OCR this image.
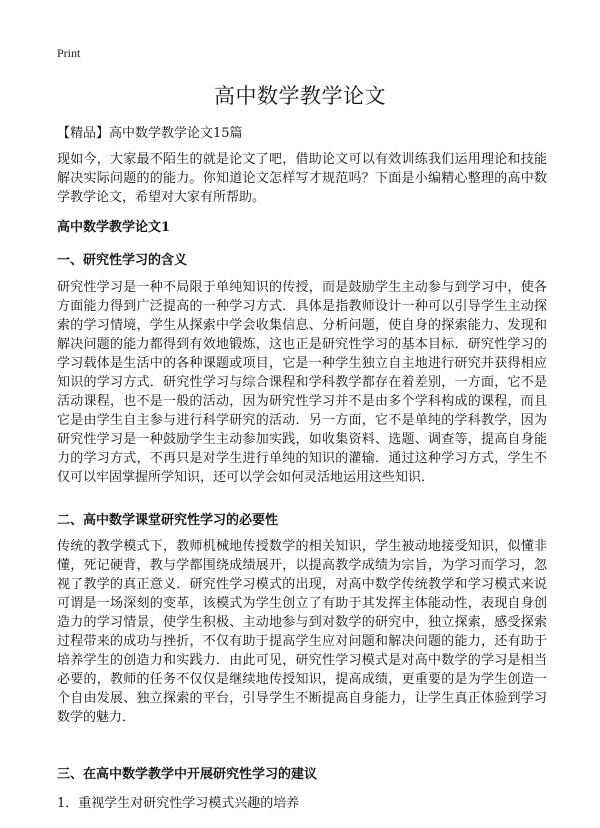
Print
高中数学教学论文
【精品】高中数学教学论文15篇

现如今，大家最不陌生的就是论文了吧，借助论文可以有效训练我们运用理论和技能解决实际问题的的能力。你知道论文怎样写才规范吗？下面是小编精心整理的高中数学教学论文，希望对大家有所帮助。

高中数学教学论文1
一、研究性学习的含义

研究性学习是一种不局限于单纯知识的传授，而是鼓励学生主动参与到学习中，使各方面能力得到广泛提高的一种学习方式．具体是指教师设计一种可以引导学生主动探索的学习情境，学生从探索中学会收集信息、分析问题，使自身的探索能力、发现和解决问题的能力都得到有效地锻炼，这也正是研究性学习的基本目标．研究性学习的学习载体是生活中的各种课题或项目，它是一种学生独立自主地进行研究并获得相应知识的学习方式．研究性学习与综合课程和学科教学都存在着差别，一方面，它不是活动课程，也不是一般的活动，因为研究性学习并不是由多个学科构成的课程，而且它是由学生自主参与进行科学研究的活动．另一方面，它不是单纯的学科教学，因为研究性学习是一种鼓励学生主动参加实践，如收集资料、选题、调查等，提高自身能力的学习方式，不再只是对学生进行单纯的知识的灌输．通过这种学习方式，学生不仅可以牢固掌握所学知识，还可以学会如何灵活地运用这些知识．

二、高中数学课堂研究性学习的必要性

传统的教学模式下，教师机械地传授数学的相关知识，学生被动地接受知识，似懂非懂，死记硬背，教与学都围绕成绩展开，以提高教学成绩为宗旨，为学习而学习，忽视了教学的真正意义．研究性学习模式的出现，对高中数学传统教学和学习模式来说可谓是一场深刻的变革，该模式为学生创立了有助于其发挥主体能动性，表现自身创造力的学习情景，使学生积极、主动地参与到对数学的研究中，独立探索，感受探索过程带来的成功与挫折，不仅有助于提高学生应对问题和解决问题的能力，还有助于培养学生的创造力和实践力．由此可见，研究性学习模式是对高中数学的学习是相当必要的，教师的任务不仅仅是继续地传授知识，提高成绩，更重要的是为学生创造一个自由发展、独立探索的平台，引导学生不断提高自身能力，让学生真正体验到学习数学的魅力．

三、在高中数学教学中开展研究性学习的建议
1．重视学生对研究性学习模式兴趣的培养
